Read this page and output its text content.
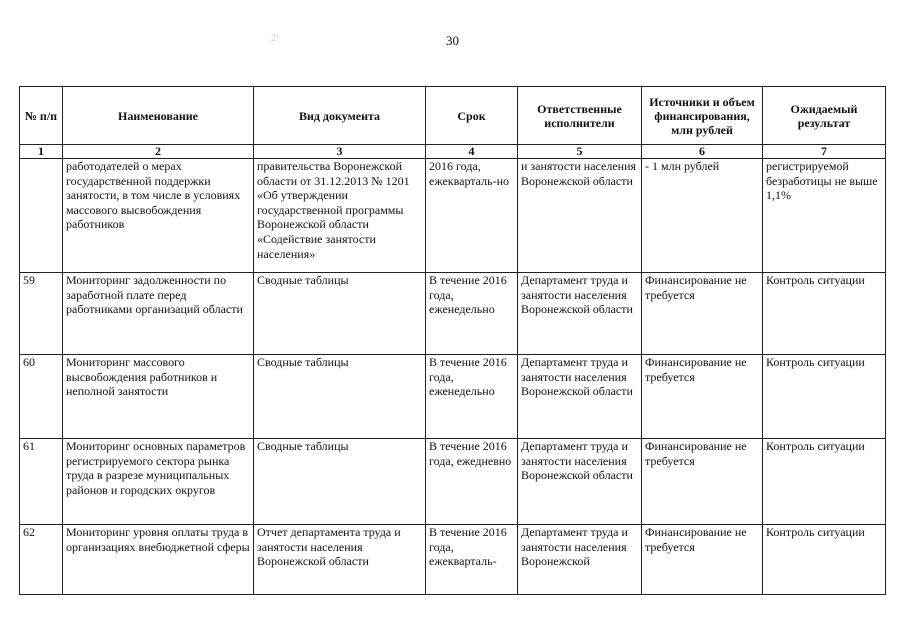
2¹	30
№ п/п	Наименование	Вид документа	Срок	Ответственные исполнители	Источники и объем финансирования, млн рублей	Ожидаемый результат
1	2	3	4	5	6	7
	работодателей о мерах государственной поддержки занятости, в том числе в условиях массового высвобождения работников	правительства Воронежской области от 31.12.2013 № 1201 «Об утверждении государственной программы Воронежской области «Содействие занятости населения»	2016 года, ежекварталь-но	и занятости населения Воронежской области	- 1 млн рублей	регистрируемой безработицы не выше 1,1%
59	Мониторинг задолженности по заработной плате перед работниками организаций области	Сводные таблицы	В течение 2016 года, еженедельно	Департамент труда и занятости населения Воронежской области	Финансирование не требуется	Контроль ситуации
60	Мониторинг массового высвобождения работников и неполной занятости	Сводные таблицы	В течение 2016 года, еженедельно	Департамент труда и занятости населения Воронежской области	Финансирование не требуется	Контроль ситуации
61	Мониторинг основных параметров регистрируемого сектора рынка труда в разрезе муниципальных районов и городских округов	Сводные таблицы	В течение 2016 года, ежедневно	Департамент труда и занятости населения Воронежской области	Финансирование не требуется	Контроль ситуации
62	Мониторинг уровня оплаты труда в организациях внебюджетной сферы	Отчет департамента труда и занятости населения Воронежской области	В течение 2016 года, ежекварталь-	Департамент труда и занятости населения Воронежской	Финансирование не требуется	Контроль ситуации
